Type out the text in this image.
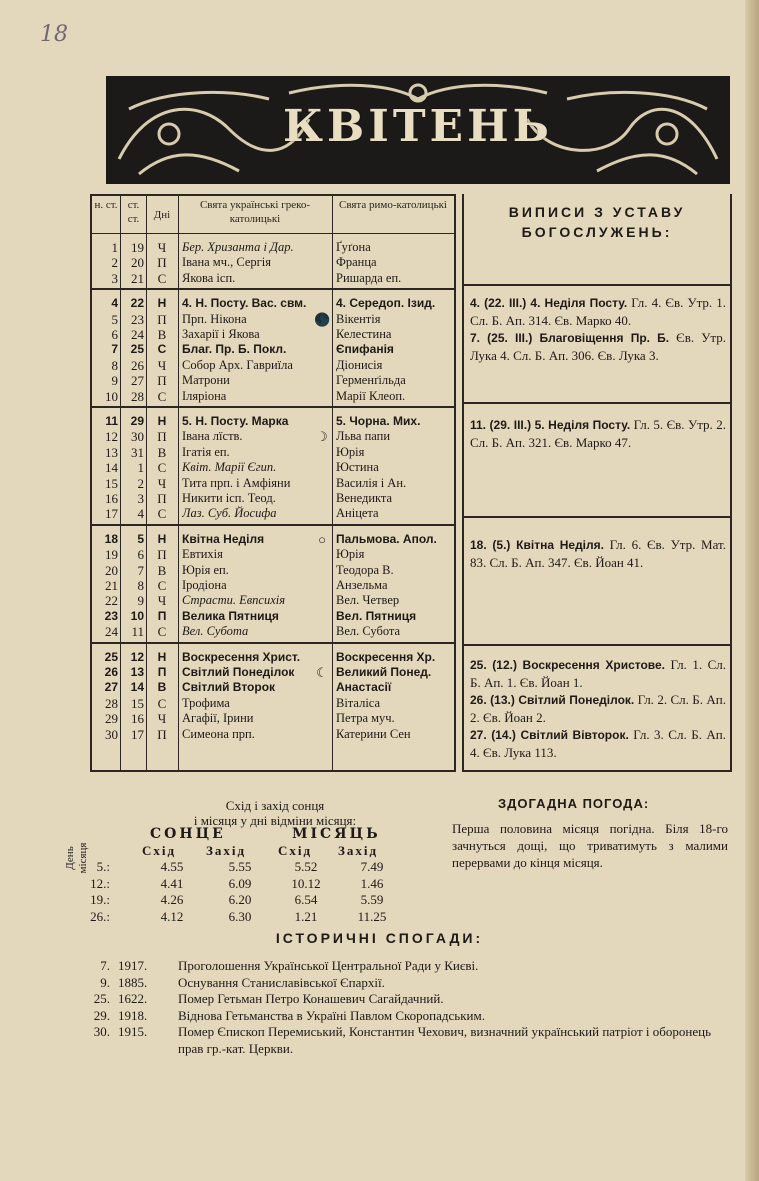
18
КВІТЕНЬ
н. ст. ст. ст.	Дні
Свята українські греко-католицькі
Свята римо-католицькі
1	19	Ч	Бер. Хризанта і Дар.	Ґуґона
2	20	П	Івана мч., Сергія	Франца
3	21	С	Якова ісп.	Ришарда еп.
4	22	Н	4. Н. Посту. Вас. свм.	4. Середоп. Ізид.
5	23	П	Прп. Нікона	Вікентія
🌑
6	24	В	Захарії і Якова	Келестина
7	25	С	Благ. Пр. Б. Покл.	Єпифанія
8	26	Ч	Собор Арх. Гавриїла	Діонисія
9	27	П	Матрони	Герменґільда
10	28	С	Іляріона	Марії Клеоп.
11	29	Н	5. Н. Посту. Марка	5. Чорна. Мих.
12	30	П	Івана лїств.	Льва папи
☽
13	31	В	Ігатія еп.	Юрія
14	1	С	Квіт. Марії Єгип.	Юстина
15	2	Ч	Тита прп. і Амфіяни	Василія і Ан.
16	3	П	Никити ісп. Теод.	Венедикта
17	4	С	Лаз. Суб. Йосифа	Аніцета
18	5	Н	Квітна Неділя	Пальмова. Апол.
○
19	6	П	Евтихія	Юрія
20	7	В	Юрія еп.	Теодора В.
21	8	С	Іродіона	Анзельма
22	9	Ч	Страсти. Евпсихія	Вел. Четвер
23	10	П	Велика Пятниця	Вел. Пятниця
24	11	С	Вел. Субота	Вел. Субота
25	12	Н	Воскресення Христ.	Воскресення Хр.
26	13	П	Світлий Понеділок	Великий Понед.
☾
27	14	В	Світлий Второк	Анастасії
28	15	С	Трофима	Віталіса
29	16	Ч	Агафії, Ірини	Петра муч.
30	17	П	Симеона прп.	Катерини Сен
ВИПИСИ З УСТАВУ
БОГОСЛУЖЕНЬ:
4. (22. III.) 4. Неділя Посту. Гл. 4. Єв. Утр. 1. Сл. Б. Ап. 314. Єв. Марко 40.
7. (25. III.) Благовіщення Пр. Б. Єв. Утр. Лука 4. Сл. Б. Ап. 306. Єв. Лука 3.
11. (29. III.) 5. Неділя Посту. Гл. 5. Єв. Утр. 2. Сл. Б. Ап. 321. Єв. Марко 47.
18. (5.) Квітна Неділя. Гл. 6. Єв. Утр. Мат. 83. Сл. Б. Ап. 347. Єв. Йоан 41.
25. (12.) Воскресення Христове. Гл. 1. Сл. Б. Ап. 1. Єв. Йоан 1.
26. (13.) Світлий Понеділок. Гл. 2. Сл. Б. Ап. 2. Єв. Йоан 2.
27. (14.) Світлий Вівторок. Гл. 3. Сл. Б. Ап. 4. Єв. Лука 113.
Схід і захід сонця
і місяця у дні відміни місяця:
День місяця
СОНЦЕ	МІСЯЦЬ
Схід Захід Схід Захід
5.:	4.55	5.55	5.52	7.49
12.:	4.41	6.09	10.12	1.46
19.:	4.26	6.20	6.54	5.59
26.:	4.12	6.30	1.21	11.25
ЗДОГАДНА ПОГОДА:
Перша половина місяця погідна. Біля 18-го зачнуться дощі, що триватимуть з малими перервами до кінця місяця.
ІСТОРИЧНІ СПОГАДИ:
7. 1917.	Проголошення Української Центральної Ради у Києві.
9. 1885.	Оснування Станиславівської Єпархії.
25. 1622.	Помер Гетьман Петро Конашевич Сагайдачний.
29. 1918.	Віднова Гетьманства в Україні Павлом Скоропадським.
30. 1915.	Помер Єпископ Перемиський, Константин Чехович, визначний український патріот і оборонець прав гр.-кат. Церкви.
